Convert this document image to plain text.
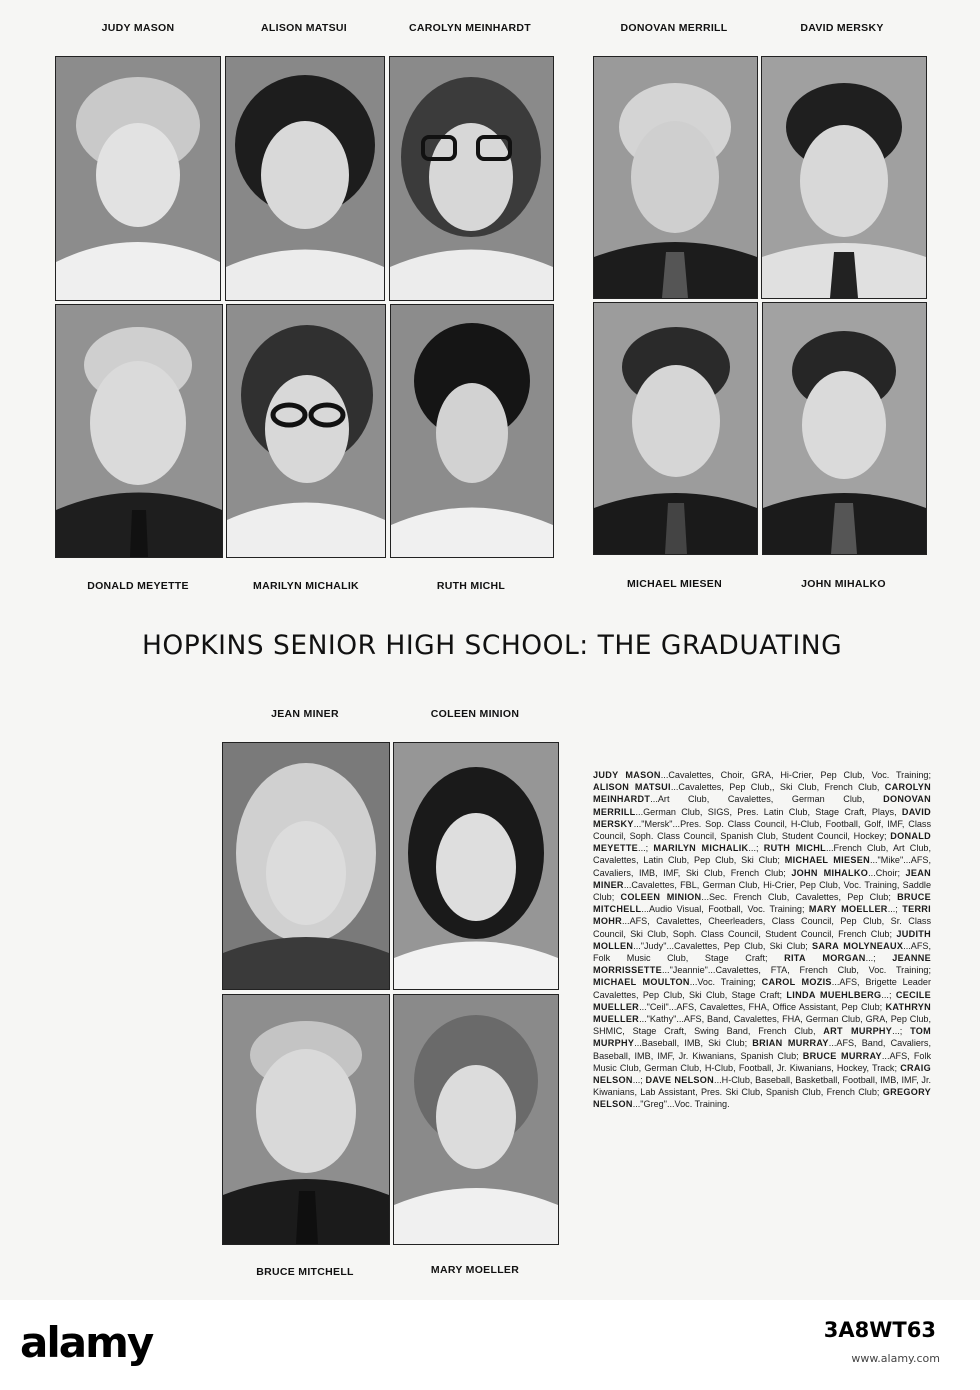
JUDY MASON	ALISON MATSUI	CAROLYN MEINHARDT	DONOVAN MERRILL	DAVID MERSKY
DONALD MEYETTE	MARILYN MICHALIK	RUTH MICHL	MICHAEL MIESEN	JOHN MIHALKO
HOPKINS SENIOR HIGH SCHOOL: THE GRADUATING
JEAN MINER	COLEEN MINION
BRUCE MITCHELL	MARY MOELLER
JUDY MASON...Cavalettes, Choir, GRA, Hi-Crier, Pep Club, Voc. Training; ALISON MATSUI...Cavalettes, Pep Club,, Ski Club, French Club, CAROLYN MEINHARDT...Art Club, Cavalettes, German Club, DONOVAN MERRILL...German Club, SIGS, Pres. Latin Club, Stage Craft, Plays, DAVID MERSKY..."Mersk"...Pres. Sop. Class Council, H-Club, Football, Golf, IMF, Class Council, Soph. Class Council, Spanish Club, Student Council, Hockey; DONALD MEYETTE...; MARILYN MICHALIK...; RUTH MICHL...French Club, Art Club, Cavalettes, Latin Club, Pep Club, Ski Club; MICHAEL MIESEN..."Mike"...AFS, Cavaliers, IMB, IMF, Ski Club, French Club; JOHN MIHALKO...Choir; JEAN MINER...Cavalettes, FBL, German Club, Hi-Crier, Pep Club, Voc. Training, Saddle Club; COLEEN MINION...Sec. French Club, Cavalettes, Pep Club; BRUCE MITCHELL...Audio Visual, Football, Voc. Training; MARY MOELLER...; TERRI MOHR...AFS, Cavalettes, Cheerleaders, Class Council, Pep Club, Sr. Class Council, Ski Club, Soph. Class Council, Student Council, French Club; JUDITH MOLLEN..."Judy"...Cavalettes, Pep Club, Ski Club; SARA MOLYNEAUX...AFS, Folk Music Club, Stage Craft; RITA MORGAN...; JEANNE MORRISSETTE..."Jeannie"...Cavalettes, FTA, French Club, Voc. Training; MICHAEL MOULTON...Voc. Training; CAROL MOZIS...AFS, Brigette Leader Cavalettes, Pep Club, Ski Club, Stage Craft; LINDA MUEHLBERG...; CECILE MUELLER..."Ceil"...AFS, Cavalettes, FHA, Office Assistant, Pep Club; KATHRYN MUELLER..."Kathy"...AFS, Band, Cavalettes, FHA, German Club, GRA, Pep Club, SHMIC, Stage Craft, Swing Band, French Club, ART MURPHY...; TOM MURPHY...Baseball, IMB, Ski Club; BRIAN MURRAY...AFS, Band, Cavaliers, Baseball, IMB, IMF, Jr. Kiwanians, Spanish Club; BRUCE MURRAY...AFS, Folk Music Club, German Club, H-Club, Football, Jr. Kiwanians, Hockey, Track; CRAIG NELSON...; DAVE NELSON...H-Club, Baseball, Basketball, Football, IMB, IMF, Jr. Kiwanians, Lab Assistant, Pres. Ski Club, Spanish Club, French Club; GREGORY NELSON..."Greg"...Voc. Training.
alamy	3A8WT63
www.alamy.com
